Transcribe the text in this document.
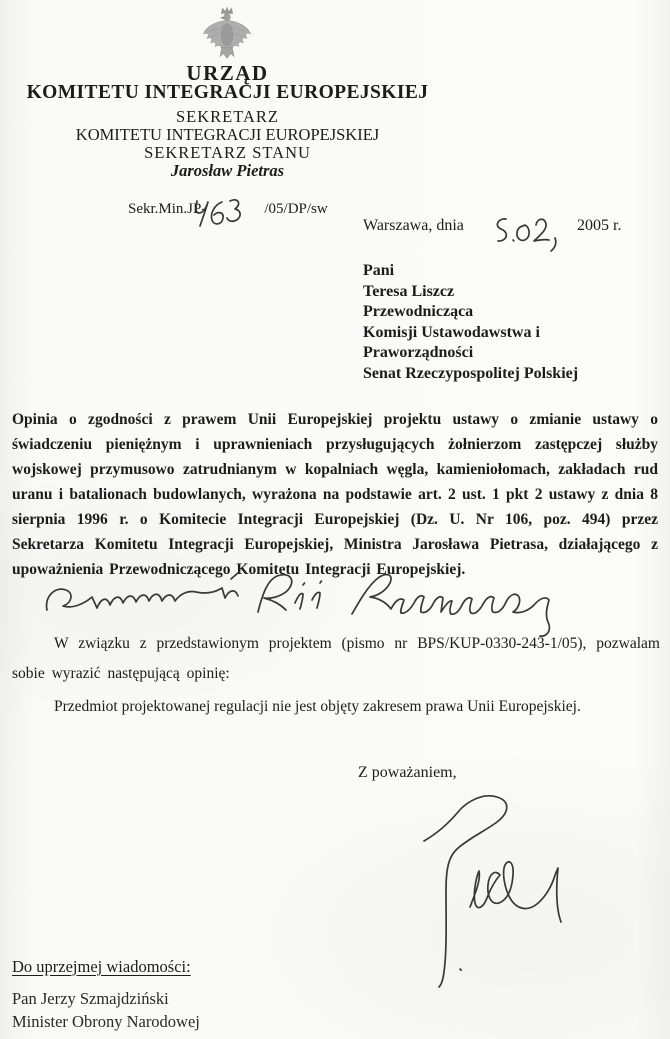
URZĄD
KOMITETU INTEGRACJI EUROPEJSKIEJ
SEKRETARZ
KOMITETU INTEGRACJI EUROPEJSKIEJ
SEKRETARZ STANU
Jarosław Pietras
Sekr.Min.JP-	/05/DP/sw
Warszawa, dnia	2005 r.
Pani
Teresa Liszcz
Przewodnicząca
Komisji Ustawodawstwa i
Praworządności
Senat Rzeczypospolitej Polskiej
Opinia o zgodności z prawem Unii Europejskiej projektu ustawy o zmianie ustawy o świadczeniu pieniężnym i uprawnieniach przysługujących żołnierzom zastępczej służby wojskowej przymusowo zatrudnianym w kopalniach węgla, kamieniołomach, zakładach rud uranu i batalionach budowlanych, wyrażona na podstawie art. 2 ust. 1 pkt 2 ustawy z dnia 8 sierpnia 1996 r. o Komitecie Integracji Europejskiej (Dz. U. Nr 106, poz. 494) przez Sekretarza Komitetu Integracji Europejskiej, Ministra Jarosława Pietrasa, działającego z upoważnienia Przewodniczącego Komitetu Integracji Europejskiej.
W związku z przedstawionym projektem (pismo nr BPS/KUP-0330-243-1/05), pozwalam sobie wyrazić następującą opinię:
Przedmiot projektowanej regulacji nie jest objęty zakresem prawa Unii Europejskiej.
Z poważaniem,
Do uprzejmej wiadomości:
Pan Jerzy Szmajdziński
Minister Obrony Narodowej
